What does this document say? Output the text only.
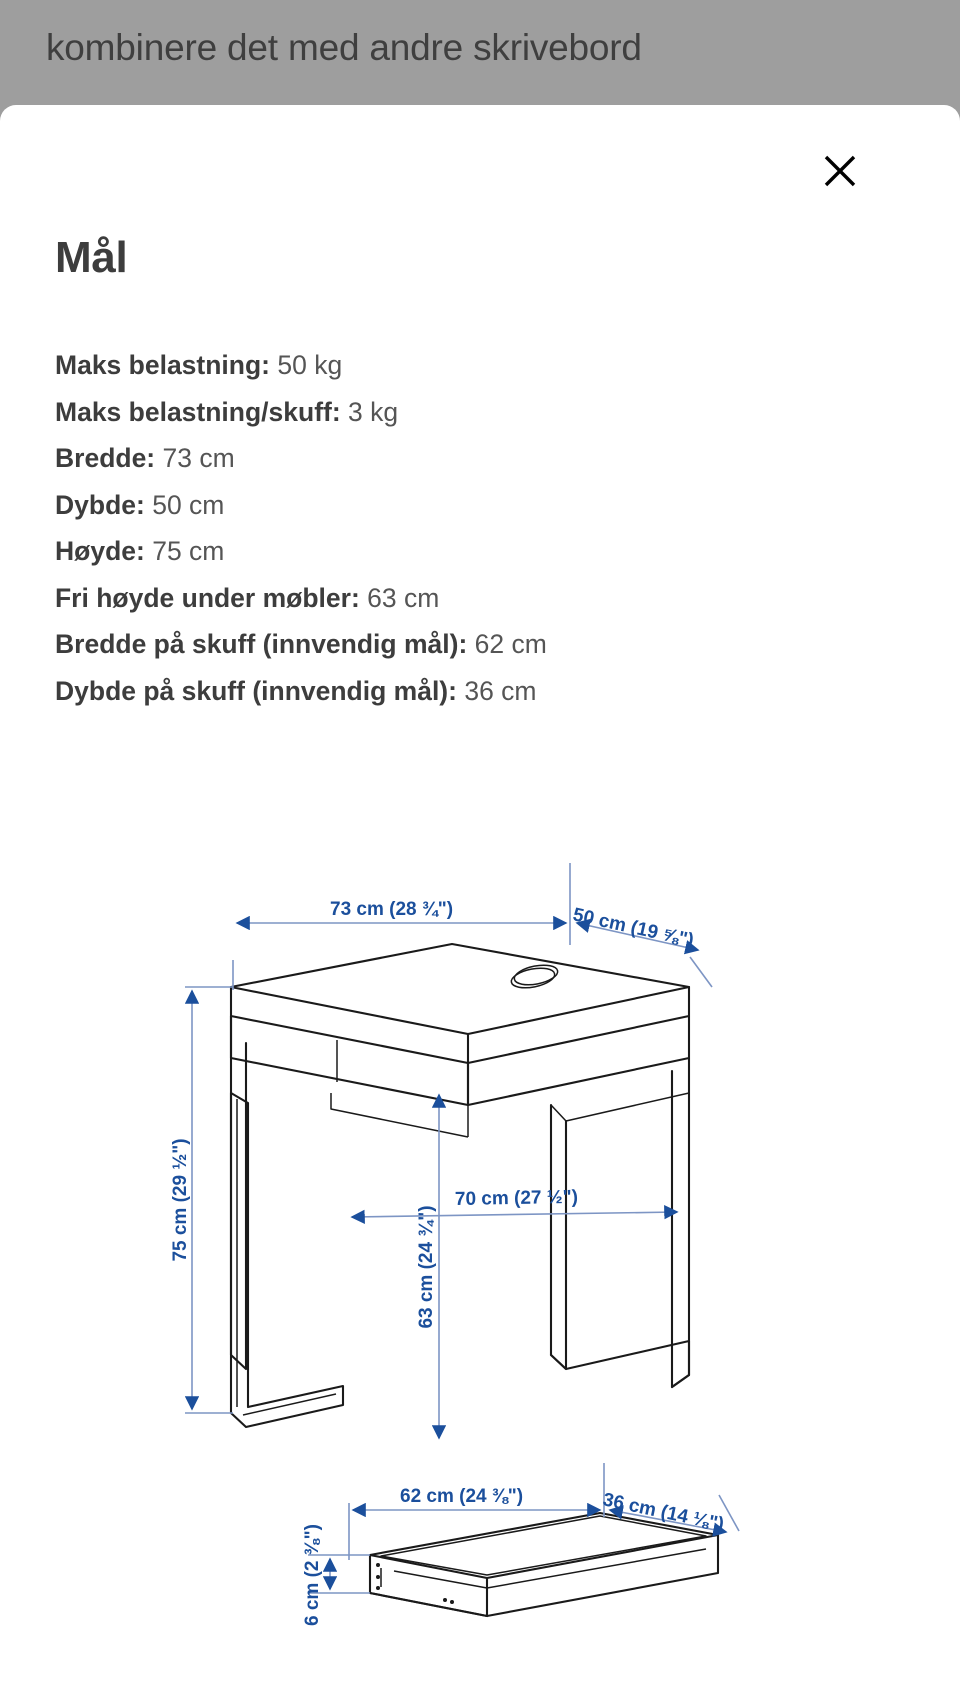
kombinere det med andre skrivebord
Mål
Maks belastning: 50 kg
Maks belastning/skuff: 3 kg
Bredde: 73 cm
Dybde: 50 cm
Høyde: 75 cm
Fri høyde under møbler: 63 cm
Bredde på skuff (innvendig mål): 62 cm
Dybde på skuff (innvendig mål): 36 cm
73 cm (28 ¾")	50 cm (19 ⅝")
75 cm (29 ½")
63 cm (24 ¾")
70 cm (27 ½")
62 cm (24 ⅜")	36 cm (14 ⅛")
6 cm (2 ⅜")
